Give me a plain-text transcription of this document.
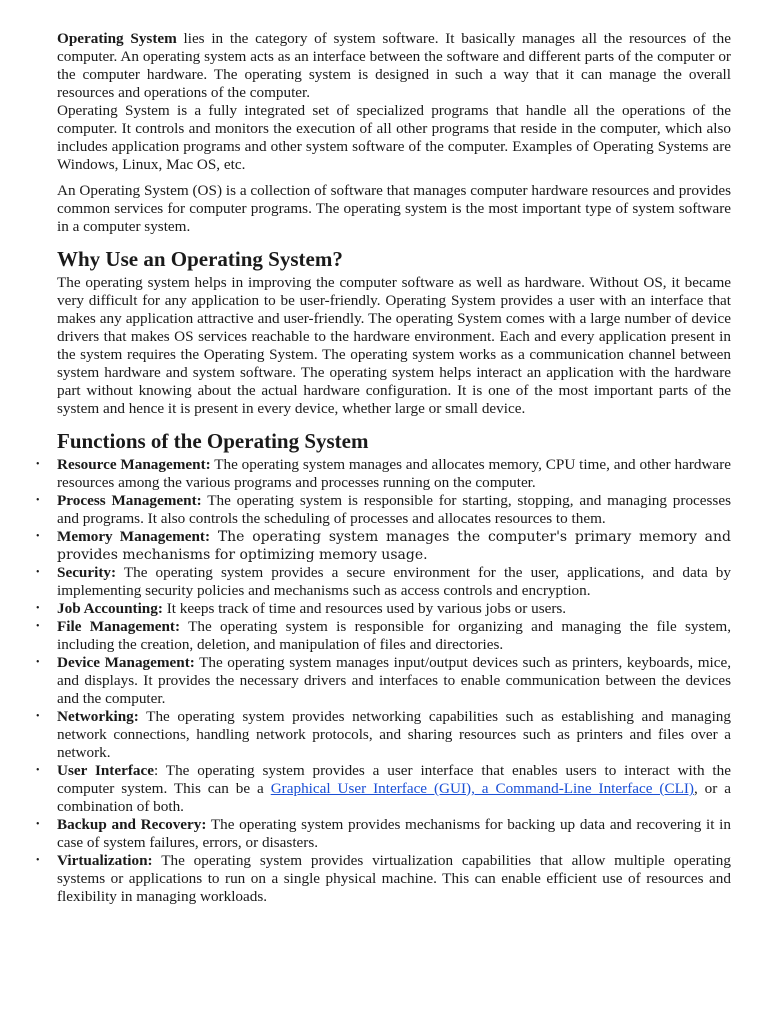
Operating System lies in the category of system software. It basically manages all the resources of the computer. An operating system acts as an interface between the software and different parts of the computer or the computer hardware. The operating system is designed in such a way that it can manage the overall resources and operations of the computer.

Operating System is a fully integrated set of specialized programs that handle all the operations of the computer. It controls and monitors the execution of all other programs that reside in the computer, which also includes application programs and other system software of the computer. Examples of Operating Systems are Windows, Linux, Mac OS, etc.

An Operating System (OS) is a collection of software that manages computer hardware resources and provides common services for computer programs. The operating system is the most important type of system software in a computer system.

Why Use an Operating System?

The operating system helps in improving the computer software as well as hardware. Without OS, it became very difficult for any application to be user-friendly. Operating System provides a user with an interface that makes any application attractive and user-friendly. The operating System comes with a large number of device drivers that makes OS services reachable to the hardware environment. Each and every application present in the system requires the Operating System. The operating system works as a communication channel between system hardware and system software. The operating system helps interact an application with the hardware part without knowing about the actual hardware configuration. It is one of the most important parts of the system and hence it is present in every device, whether large or small device.

Functions of the Operating System
• Resource Management: The operating system manages and allocates memory, CPU time, and other hardware resources among the various programs and processes running on the computer.
• Process Management: The operating system is responsible for starting, stopping, and managing processes and programs. It also controls the scheduling of processes and allocates resources to them.
• Memory Management: The operating system manages the computer's primary memory and provides mechanisms for optimizing memory usage.
• Security: The operating system provides a secure environment for the user, applications, and data by implementing security policies and mechanisms such as access controls and encryption.
• Job Accounting: It keeps track of time and resources used by various jobs or users.
• File Management: The operating system is responsible for organizing and managing the file system, including the creation, deletion, and manipulation of files and directories.
• Device Management: The operating system manages input/output devices such as printers, keyboards, mice, and displays. It provides the necessary drivers and interfaces to enable communication between the devices and the computer.
• Networking: The operating system provides networking capabilities such as establishing and managing network connections, handling network protocols, and sharing resources such as printers and files over a network.
• User Interface: The operating system provides a user interface that enables users to interact with the computer system. This can be a Graphical User Interface (GUI), a Command-Line Interface (CLI), or a combination of both.
• Backup and Recovery: The operating system provides mechanisms for backing up data and recovering it in case of system failures, errors, or disasters.
• Virtualization: The operating system provides virtualization capabilities that allow multiple operating systems or applications to run on a single physical machine. This can enable efficient use of resources and flexibility in managing workloads.
